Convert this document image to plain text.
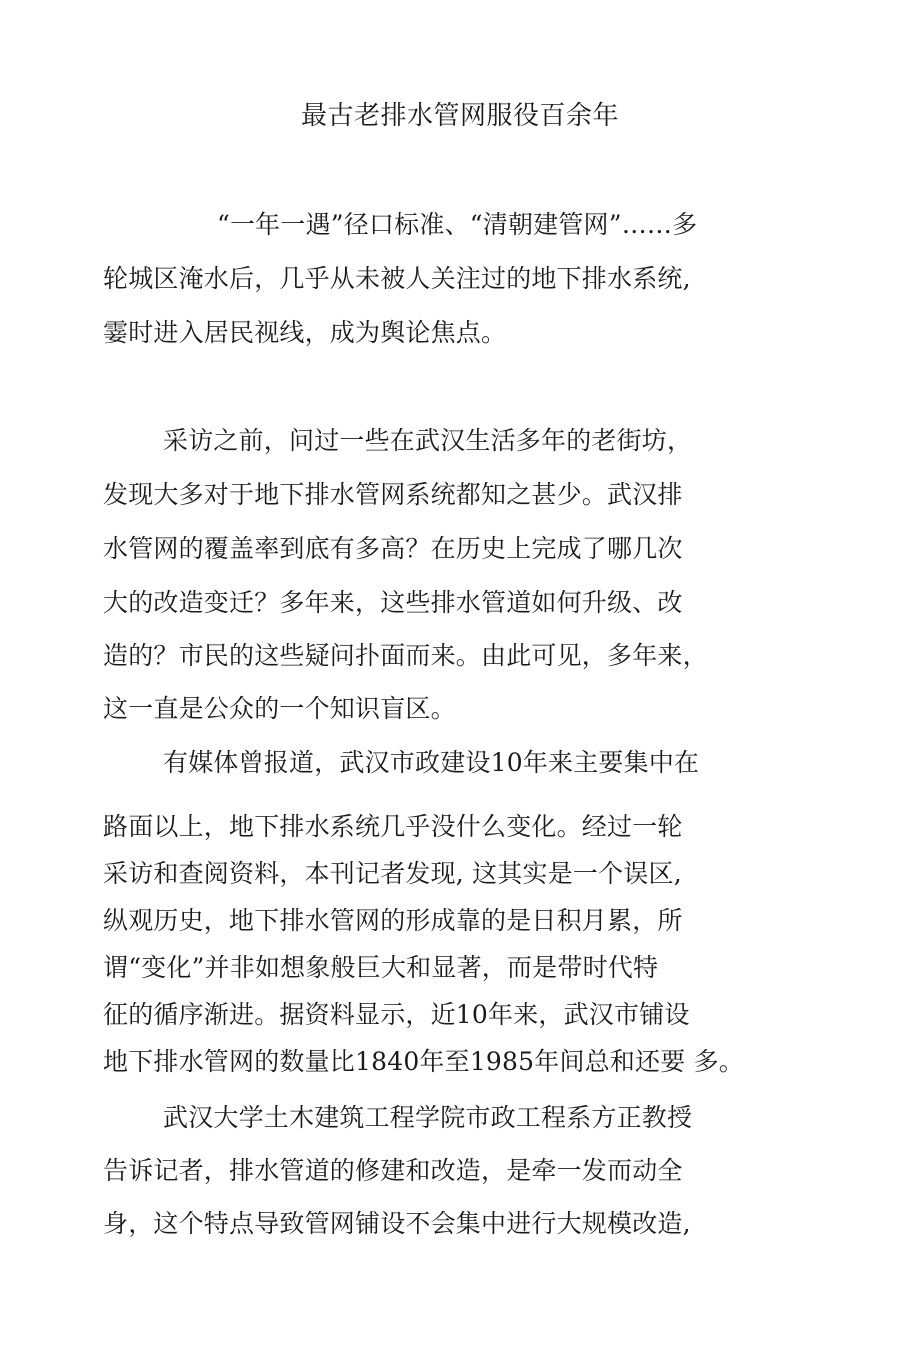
最古老排水管网服役百余年
“一年一遇”径口标准、“清朝建管网”……多
轮城区淹水后，几乎从未被人关注过的地下排水系统,
霎时进入居民视线，成为舆论焦点。
采访之前，问过一些在武汉生活多年的老街坊，
发现大多对于地下排水管网系统都知之甚少。武汉排
水管网的覆盖率到底有多高？在历史上完成了哪几次
大的改造变迁？多年来，这些排水管道如何升级、改
造的？市民的这些疑问扑面而来。由此可见，多年来，
这一直是公众的一个知识盲区。
有媒体曾报道，武汉市政建设10年来主要集中在
路面以上，地下排水系统几乎没什么变化。经过一轮
采访和查阅资料，本刊记者发现, 这其实是一个误区,
纵观历史，地下排水管网的形成靠的是日积月累，所
谓“变化”并非如想象般巨大和显著，而是带时代特
征的循序渐进。据资料显示，近10年来，武汉市铺设
地下排水管网的数量比1840年至1985年间总和还要 多。
武汉大学土木建筑工程学院市政工程系方正教授
告诉记者，排水管道的修建和改造，是牵一发而动全
身，这个特点导致管网铺设不会集中进行大规模改造,
